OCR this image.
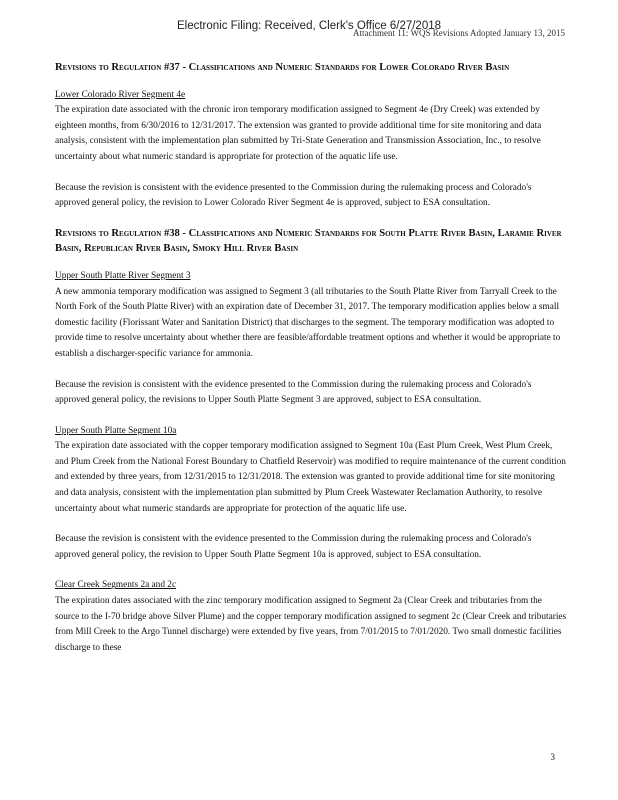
Electronic Filing: Received, Clerk's Office 6/27/2018
Attachment 11: WQS Revisions Adopted January 13, 2015
Revisions to Regulation #37 - Classifications and Numeric Standards for Lower Colorado River Basin
Lower Colorado River Segment 4e

The expiration date associated with the chronic iron temporary modification assigned to Segment 4e (Dry Creek) was extended by eighteen months, from 6/30/2016 to 12/31/2017. The extension was granted to provide additional time for site monitoring and data analysis, consistent with the implementation plan submitted by Tri-State Generation and Transmission Association, Inc., to resolve uncertainty about what numeric standard is appropriate for protection of the aquatic life use.

Because the revision is consistent with the evidence presented to the Commission during the rulemaking process and Colorado's approved general policy, the revision to Lower Colorado River Segment 4e is approved, subject to ESA consultation.

Revisions to Regulation #38 - Classifications and Numeric Standards for South Platte River Basin, Laramie River Basin, Republican River Basin, Smoky Hill River Basin
Upper South Platte River Segment 3

A new ammonia temporary modification was assigned to Segment 3 (all tributaries to the South Platte River from Tarryall Creek to the North Fork of the South Platte River) with an expiration date of December 31, 2017. The temporary modification applies below a small domestic facility (Florissant Water and Sanitation District) that discharges to the segment. The temporary modification was adopted to provide time to resolve uncertainty about whether there are feasible/affordable treatment options and whether it would be appropriate to establish a discharger-specific variance for ammonia.

Because the revision is consistent with the evidence presented to the Commission during the rulemaking process and Colorado's approved general policy, the revisions to Upper South Platte Segment 3 are approved, subject to ESA consultation.

Upper South Platte Segment 10a

The expiration date associated with the copper temporary modification assigned to Segment 10a (East Plum Creek, West Plum Creek, and Plum Creek from the National Forest Boundary to Chatfield Reservoir) was modified to require maintenance of the current condition and extended by three years, from 12/31/2015 to 12/31/2018. The extension was granted to provide additional time for site monitoring and data analysis, consistent with the implementation plan submitted by Plum Creek Wastewater Reclamation Authority, to resolve uncertainty about what numeric standards are appropriate for protection of the aquatic life use.

Because the revision is consistent with the evidence presented to the Commission during the rulemaking process and Colorado's approved general policy, the revision to Upper South Platte Segment 10a is approved, subject to ESA consultation.

Clear Creek Segments 2a and 2c

The expiration dates associated with the zinc temporary modification assigned to Segment 2a (Clear Creek and tributaries from the source to the I-70 bridge above Silver Plume) and the copper temporary modification assigned to segment 2c (Clear Creek and tributaries from Mill Creek to the Argo Tunnel discharge) were extended by five years, from 7/01/2015 to 7/01/2020. Two small domestic facilities discharge to these

3
